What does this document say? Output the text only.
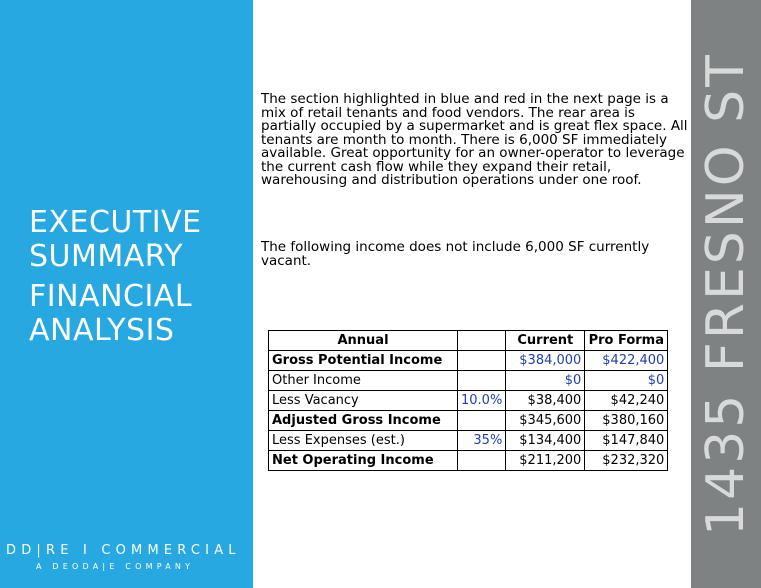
EXECUTIVE
SUMMARY
FINANCIAL
ANALYSIS
DD|RE I COMMERCIAL
A DEODA|E COMPANY
1435 FRESNO ST

The section highlighted in blue and red in the next page is a mix of retail tenants and food vendors. The rear area is partially occupied by a supermarket and is great flex space. All tenants are month to month. There is 6,000 SF immediately available. Great opportunity for an owner-operator to leverage the current cash flow while they expand their retail, warehousing and distribution operations under one roof.

The following income does not include 6,000 SF currently vacant.

Annual		Current	Pro Forma
Gross Potential Income		$384,000	$422,400
Other Income		$0	$0
Less Vacancy	10.0%	$38,400	$42,240
Adjusted Gross Income		$345,600	$380,160
Less Expenses (est.)	35%	$134,400	$147,840
Net Operating Income		$211,200	$232,320
